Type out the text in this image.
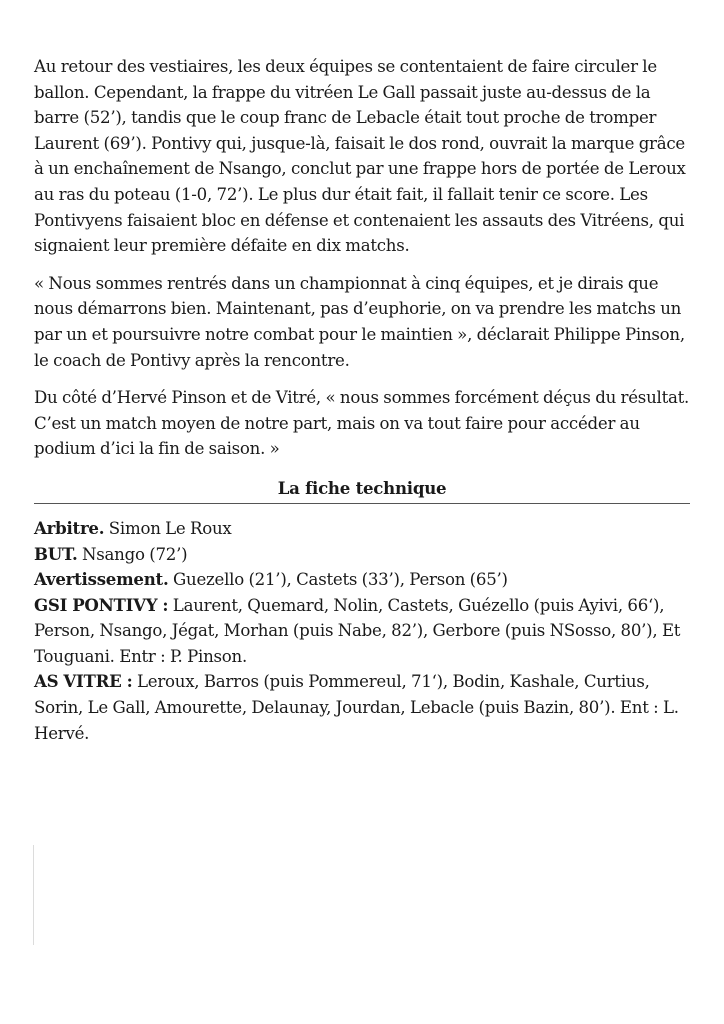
Au retour des vestiaires, les deux équipes se contentaient de faire circuler le ballon. Cependant, la frappe du vitréen Le Gall passait juste au-dessus de la barre (52’), tandis que le coup franc de Lebacle était tout proche de tromper Laurent (69’). Pontivy qui, jusque-là, faisait le dos rond, ouvrait la marque grâce à un enchaînement de Nsango, conclut par une frappe hors de portée de Leroux au ras du poteau (1-0, 72’). Le plus dur était fait, il fallait tenir ce score. Les Pontivyens faisaient bloc en défense et contenaient les assauts des Vitréens, qui signaient leur première défaite en dix matchs.

« Nous sommes rentrés dans un championnat à cinq équipes, et je dirais que nous démarrons bien. Maintenant, pas d’euphorie, on va prendre les matchs un par un et poursuivre notre combat pour le maintien », déclarait Philippe Pinson, le coach de Pontivy après la rencontre.

Du côté d’Hervé Pinson et de Vitré, « nous sommes forcément déçus du résultat. C’est un match moyen de notre part, mais on va tout faire pour accéder au podium d’ici la fin de saison. »

La fiche technique
Arbitre. Simon Le Roux
BUT. Nsango (72’)
Avertissement. Guezello (21’), Castets (33’), Person (65’)
GSI PONTIVY : Laurent, Quemard, Nolin, Castets, Guézello (puis Ayivi, 66‘), Person, Nsango, Jégat, Morhan (puis Nabe, 82’), Gerbore (puis NSosso, 80’), Et Touguani. Entr : P. Pinson.
AS VITRE : Leroux, Barros (puis Pommereul, 71‘), Bodin, Kashale, Curtius, Sorin, Le Gall, Amourette, Delaunay, Jourdan, Lebacle (puis Bazin, 80’). Ent : L. Hervé.
